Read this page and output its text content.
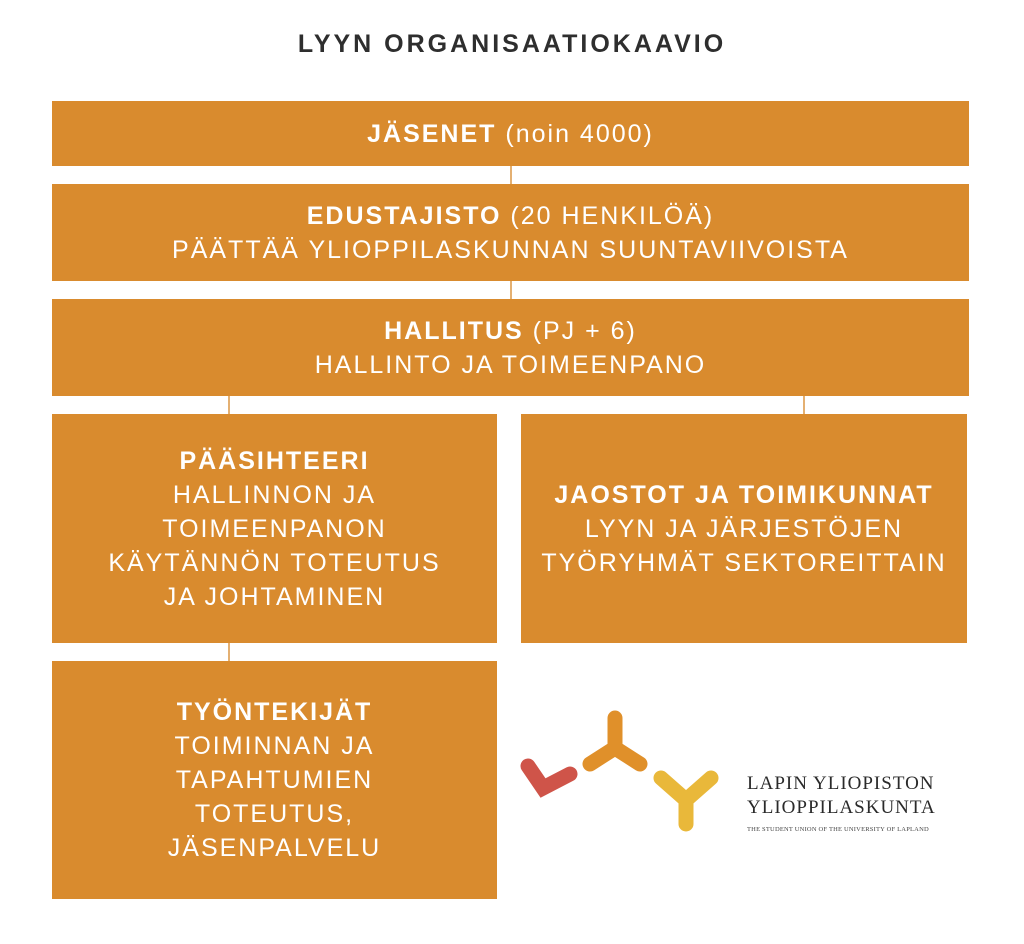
LYYN ORGANISAATIOKAAVIO
JÄSENET (noin 4000)
EDUSTAJISTO (20 HENKILÖÄ)
PÄÄTTÄÄ YLIOPPILASKUNNAN SUUNTAVIIVOISTA
HALLITUS (PJ + 6)
HALLINTO JA TOIMEENPANO
PÄÄSIHTEERI
HALLINNON JA
TOIMEENPANON
KÄYTÄNNÖN TOTEUTUS
JA JOHTAMINEN
JAOSTOT JA TOIMIKUNNAT
LYYN JA JÄRJESTÖJEN
TYÖRYHMÄT SEKTOREITTAIN
TYÖNTEKIJÄT
TOIMINNAN JA
TAPAHTUMIEN
TOTEUTUS,
JÄSENPALVELU
LAPIN YLIOPISTON
YLIOPPILASKUNTA
THE STUDENT UNION OF THE UNIVERSITY OF LAPLAND
